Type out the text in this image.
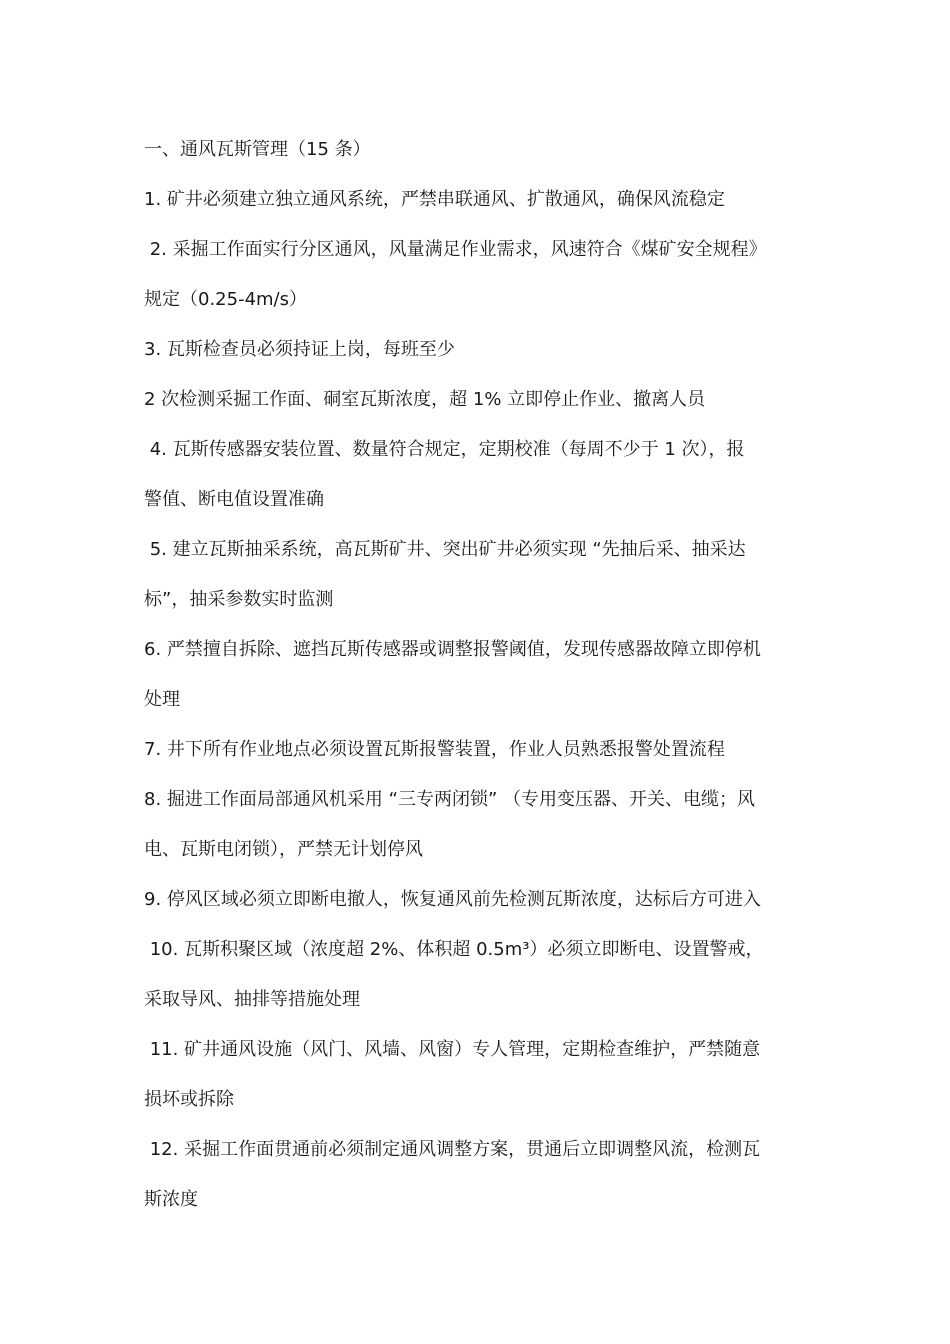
一、通风瓦斯管理（15 条）
1. 矿井必须建立独立通风系统，严禁串联通风、扩散通风，确保风流稳定
2. 采掘工作面实行分区通风，风量满足作业需求，风速符合《煤矿安全规程》
规定（0.25-4m/s）
3. 瓦斯检查员必须持证上岗，每班至少
2 次检测采掘工作面、硐室瓦斯浓度，超 1% 立即停止作业、撤离人员
4. 瓦斯传感器安装位置、数量符合规定，定期校准（每周不少于 1 次），报
警值、断电值设置准确
5. 建立瓦斯抽采系统，高瓦斯矿井、突出矿井必须实现 “先抽后采、抽采达
标”，抽采参数实时监测
6. 严禁擅自拆除、遮挡瓦斯传感器或调整报警阈值，发现传感器故障立即停机
处理
7. 井下所有作业地点必须设置瓦斯报警装置，作业人员熟悉报警处置流程
8. 掘进工作面局部通风机采用 “三专两闭锁” （专用变压器、开关、电缆；风
电、瓦斯电闭锁），严禁无计划停风
9. 停风区域必须立即断电撤人，恢复通风前先检测瓦斯浓度，达标后方可进入
10. 瓦斯积聚区域（浓度超 2%、体积超 0.5m³）必须立即断电、设置警戒，
采取导风、抽排等措施处理
11. 矿井通风设施（风门、风墙、风窗）专人管理，定期检查维护，严禁随意
损坏或拆除
12. 采掘工作面贯通前必须制定通风调整方案，贯通后立即调整风流，检测瓦
斯浓度
